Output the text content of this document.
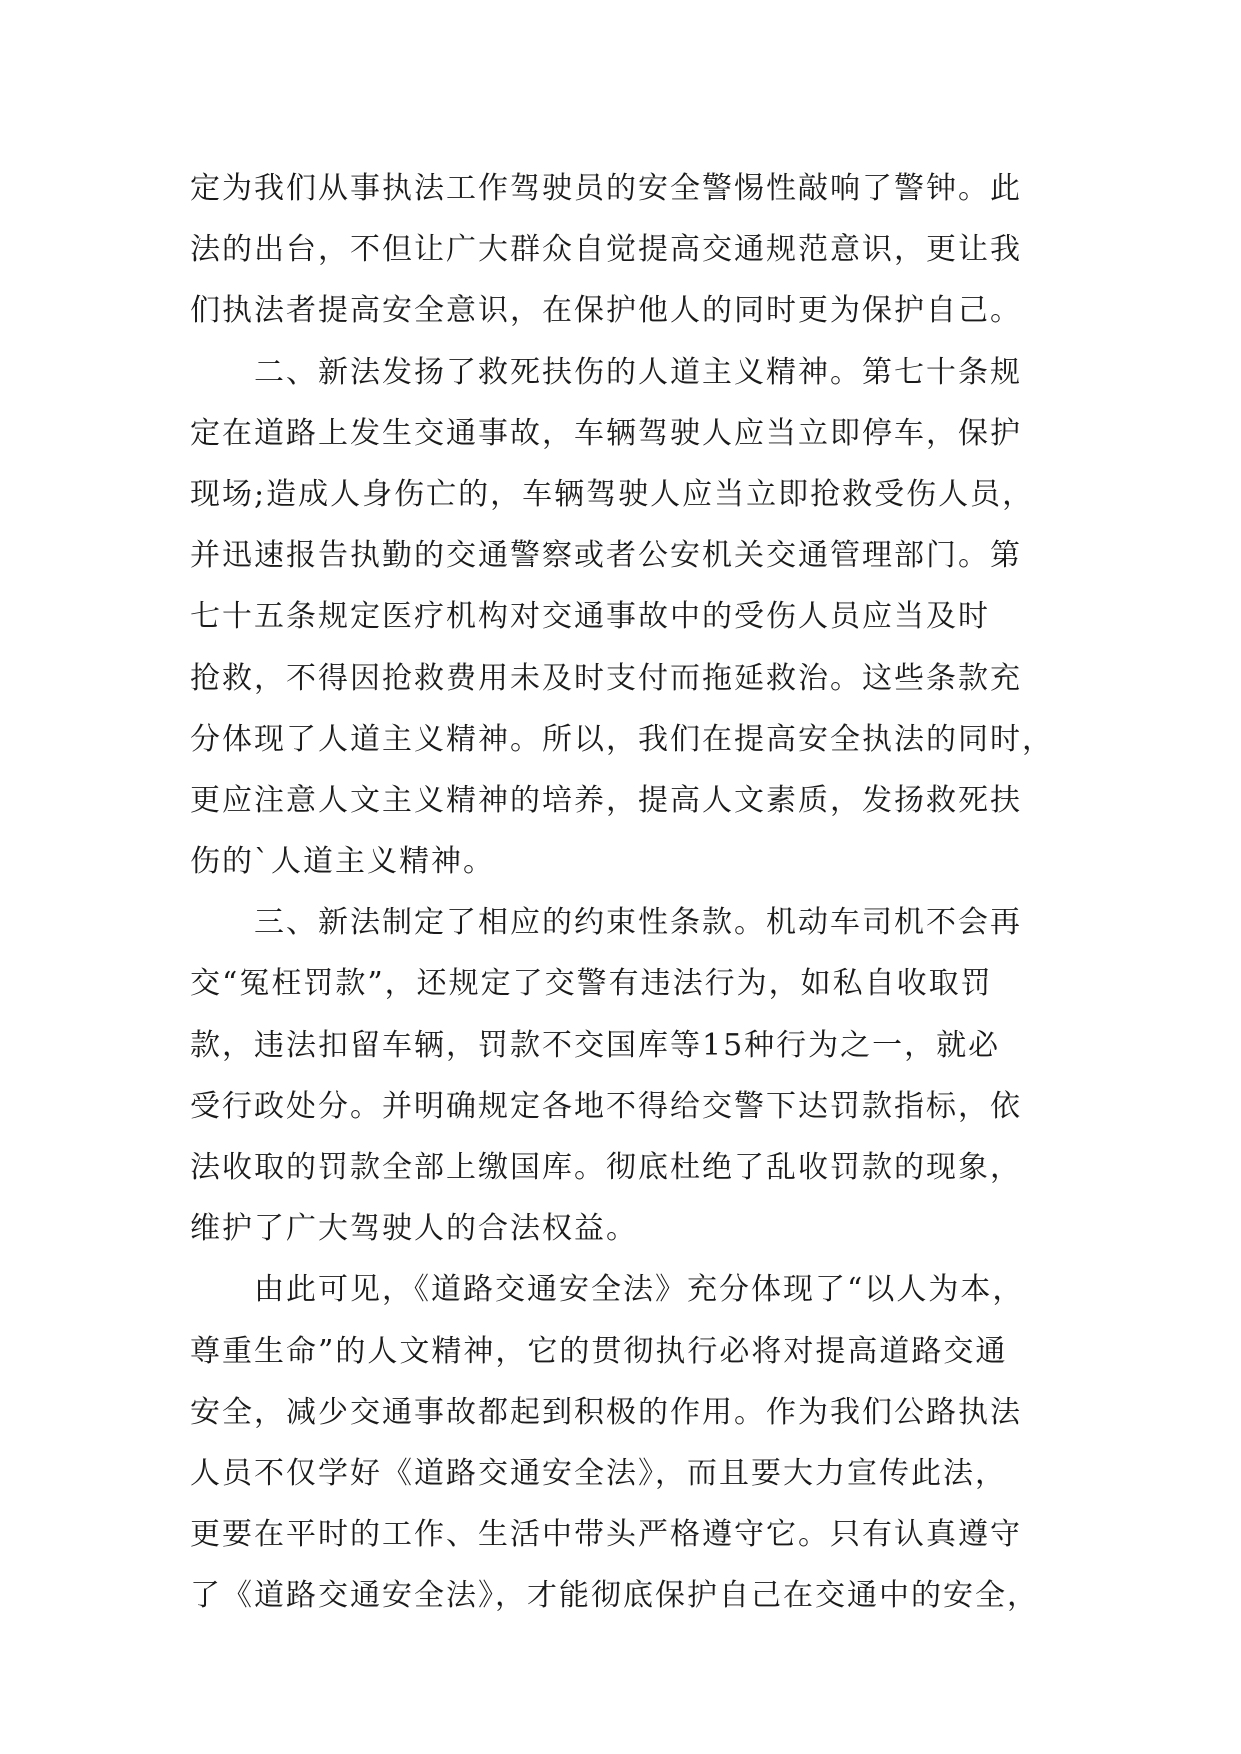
定为我们从事执法工作驾驶员的安全警惕性敲响了警钟。此
法的出台，不但让广大群众自觉提高交通规范意识，更让我
们执法者提高安全意识，在保护他人的同时更为保护自己。
二、新法发扬了救死扶伤的人道主义精神。第七十条规
定在道路上发生交通事故，车辆驾驶人应当立即停车，保护
现场;造成人身伤亡的，车辆驾驶人应当立即抢救受伤人员，
并迅速报告执勤的交通警察或者公安机关交通管理部门。第
七十五条规定医疗机构对交通事故中的受伤人员应当及时
抢救，不得因抢救费用未及时支付而拖延救治。这些条款充
分体现了人道主义精神。所以，我们在提高安全执法的同时，
更应注意人文主义精神的培养，提高人文素质，发扬救死扶
伤的`人道主义精神。
三、新法制定了相应的约束性条款。机动车司机不会再
交“冤枉罚款”，还规定了交警有违法行为，如私自收取罚
款，违法扣留车辆，罚款不交国库等15种行为之一，就必
受行政处分。并明确规定各地不得给交警下达罚款指标，依
法收取的罚款全部上缴国库。彻底杜绝了乱收罚款的现象，
维护了广大驾驶人的合法权益。
由此可见，《道路交通安全法》充分体现了“以人为本，
尊重生命”的人文精神，它的贯彻执行必将对提高道路交通
安全，减少交通事故都起到积极的作用。作为我们公路执法
人员不仅学好《道路交通安全法》，而且要大力宣传此法，
更要在平时的工作、生活中带头严格遵守它。只有认真遵守
了《道路交通安全法》，才能彻底保护自己在交通中的安全，
